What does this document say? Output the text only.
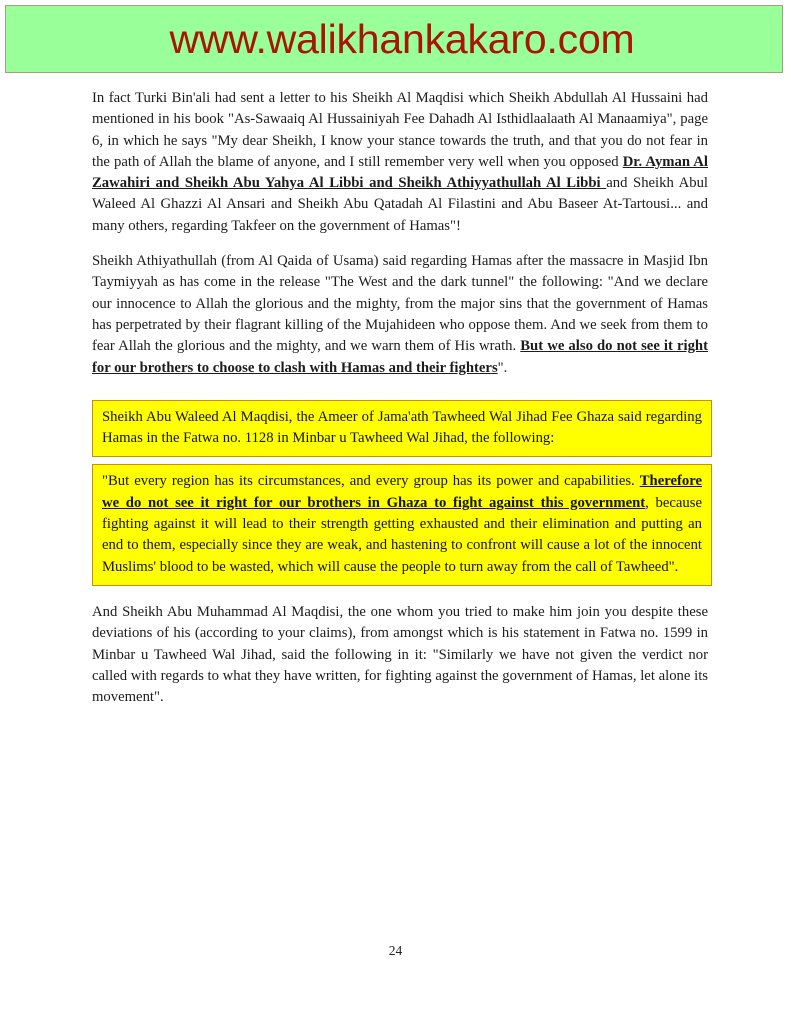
www.walikhankakaro.com

In fact Turki Bin'ali had sent a letter to his Sheikh Al Maqdisi which Sheikh Abdullah Al Hussaini had mentioned in his book "As-Sawaaiq Al Hussainiyah Fee Dahadh Al Isthidlaalaath Al Manaamiya", page 6, in which he says "My dear Sheikh, I know your stance towards the truth, and that you do not fear in the path of Allah the blame of anyone, and I still remember very well when you opposed Dr. Ayman Al Zawahiri and Sheikh Abu Yahya Al Libbi and Sheikh Athiyyathullah Al Libbi and Sheikh Abul Waleed Al Ghazzi Al Ansari and Sheikh Abu Qatadah Al Filastini and Abu Baseer At-Tartousi... and many others, regarding Takfeer on the government of Hamas"!

Sheikh Athiyathullah (from Al Qaida of Usama) said regarding Hamas after the massacre in Masjid Ibn Taymiyyah as has come in the release "The West and the dark tunnel" the following: "And we declare our innocence to Allah the glorious and the mighty, from the major sins that the government of Hamas has perpetrated by their flagrant killing of the Mujahideen who oppose them. And we seek from them to fear Allah the glorious and the mighty, and we warn them of His wrath. But we also do not see it right for our brothers to choose to clash with Hamas and their fighters".

Sheikh Abu Waleed Al Maqdisi, the Ameer of Jama'ath Tawheed Wal Jihad Fee Ghaza said regarding Hamas in the Fatwa no. 1128 in Minbar u Tawheed Wal Jihad, the following:

"But every region has its circumstances, and every group has its power and capabilities. Therefore we do not see it right for our brothers in Ghaza to fight against this government, because fighting against it will lead to their strength getting exhausted and their elimination and putting an end to them, especially since they are weak, and hastening to confront will cause a lot of the innocent Muslims' blood to be wasted, which will cause the people to turn away from the call of Tawheed".

And Sheikh Abu Muhammad Al Maqdisi, the one whom you tried to make him join you despite these deviations of his (according to your claims), from amongst which is his statement in Fatwa no. 1599 in Minbar u Tawheed Wal Jihad, said the following in it: "Similarly we have not given the verdict nor called with regards to what they have written, for fighting against the government of Hamas, let alone its movement".

24
